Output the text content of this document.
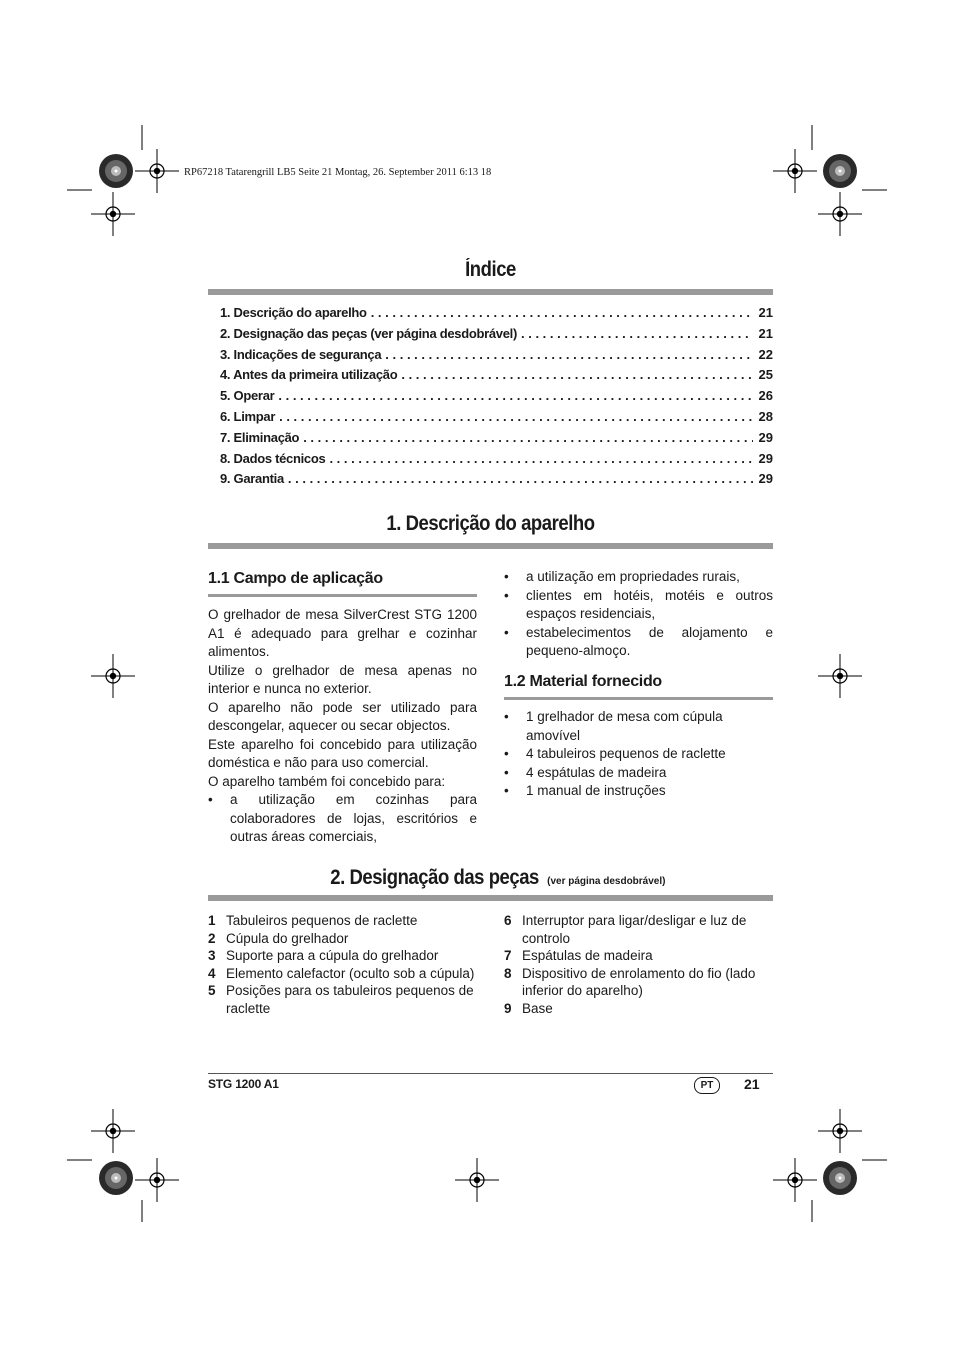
RP67218 Tatarengrill LB5 Seite 21 Montag, 26. September 2011 6:13 18
Índice
1. Descrição do aparelho . . .	21
2. Designação das peças (ver página desdobrável) . . .	21
3. Indicações de segurança . . .	22
4. Antes da primeira utilização . . .	25
5. Operar . . .	26
6. Limpar . . .	28
7. Eliminação . . .	29
8. Dados técnicos . . .	29
9. Garantia . . .	29
1. Descrição do aparelho
1.1 Campo de aplicação
O grelhador de mesa SilverCrest STG 1200 A1 é adequado para grelhar e cozinhar alimentos.
Utilize o grelhador de mesa apenas no interior e nunca no exterior.
O aparelho não pode ser utilizado para descongelar, aquecer ou secar objectos.
Este aparelho foi concebido para utilização doméstica e não para uso comercial.
O aparelho também foi concebido para:
• a utilização em cozinhas para colaboradores de lojas, escritórios e outras áreas comerciais,
• a utilização em propriedades rurais,
• clientes em hotéis, motéis e outros espaços residenciais,
• estabelecimentos de alojamento e pequeno-almoço.
1.2 Material fornecido
• 1 grelhador de mesa com cúpula amovível
• 4 tabuleiros pequenos de raclette
• 4 espátulas de madeira
• 1 manual de instruções
2. Designação das peças (ver página desdobrável)
1 Tabuleiros pequenos de raclette
2 Cúpula do grelhador
3 Suporte para a cúpula do grelhador
4 Elemento calefactor (oculto sob a cúpula)
5 Posições para os tabuleiros pequenos de raclette
6 Interruptor para ligar/desligar e luz de controlo
7 Espátulas de madeira
8 Dispositivo de enrolamento do fio (lado inferior do aparelho)
9 Base
STG 1200 A1	PT	21
